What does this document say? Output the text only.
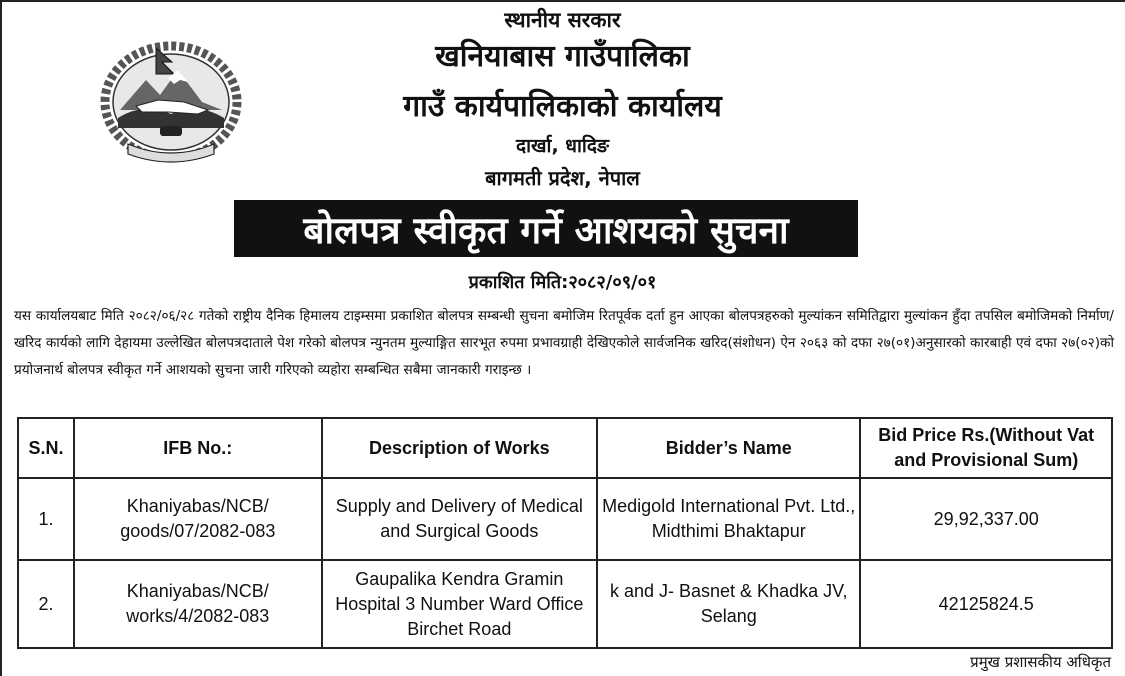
स्थानीय सरकार
खनियाबास गाउँपालिका
गाउँ कार्यपालिकाको कार्यालय
दार्खा, धादिङ
बागमती प्रदेश, नेपाल
बोलपत्र स्वीकृत गर्ने आशयको सुचना
प्रकाशित मिति:२०८२/०९/०१
यस कार्यालयबाट मिति २०८२/०६/२८ गतेको राष्ट्रीय दैनिक हिमालय टाइम्समा प्रकाशित बोलपत्र सम्बन्धी सुचना बमोजिम रितपूर्वक दर्ता हुन आएका बोलपत्रहरुको मुल्यांकन समितिद्वारा मुल्यांकन हुँदा तपसिल बमोजिमको निर्माण/खरिद कार्यको लागि देहायमा उल्लेखित बोलपत्रदाताले पेश गरेको बोलपत्र न्युनतम मुल्याङ्गित सारभूत रुपमा प्रभावग्राही देखिएकोले सार्वजनिक खरिद(संशोधन) ऐन २०६३ को दफा २७(०१)अनुसारको कारबाही एवं दफा २७(०२)को प्रयोजनार्थ बोलपत्र स्वीकृत गर्ने आशयको सुचना जारी गरिएको व्यहोरा सम्बन्धित सबैमा जानकारी गराइन्छ ।
S.N.	IFB No.:	Description of Works	Bidder’s Name	Bid Price Rs.(Without Vat and Provisional Sum)
1.	Khaniyabas/NCB/ goods/07/2082-083	Supply and Delivery of Medical and Surgical Goods	Medigold International Pvt. Ltd., Midthimi Bhaktapur	29,92,337.00
2.	Khaniyabas/NCB/ works/4/2082-083	Gaupalika Kendra Gramin Hospital 3 Number Ward Office Birchet Road	k and J- Basnet & Khadka JV, Selang	42125824.5
प्रमुख प्रशासकीय अधिकृत
